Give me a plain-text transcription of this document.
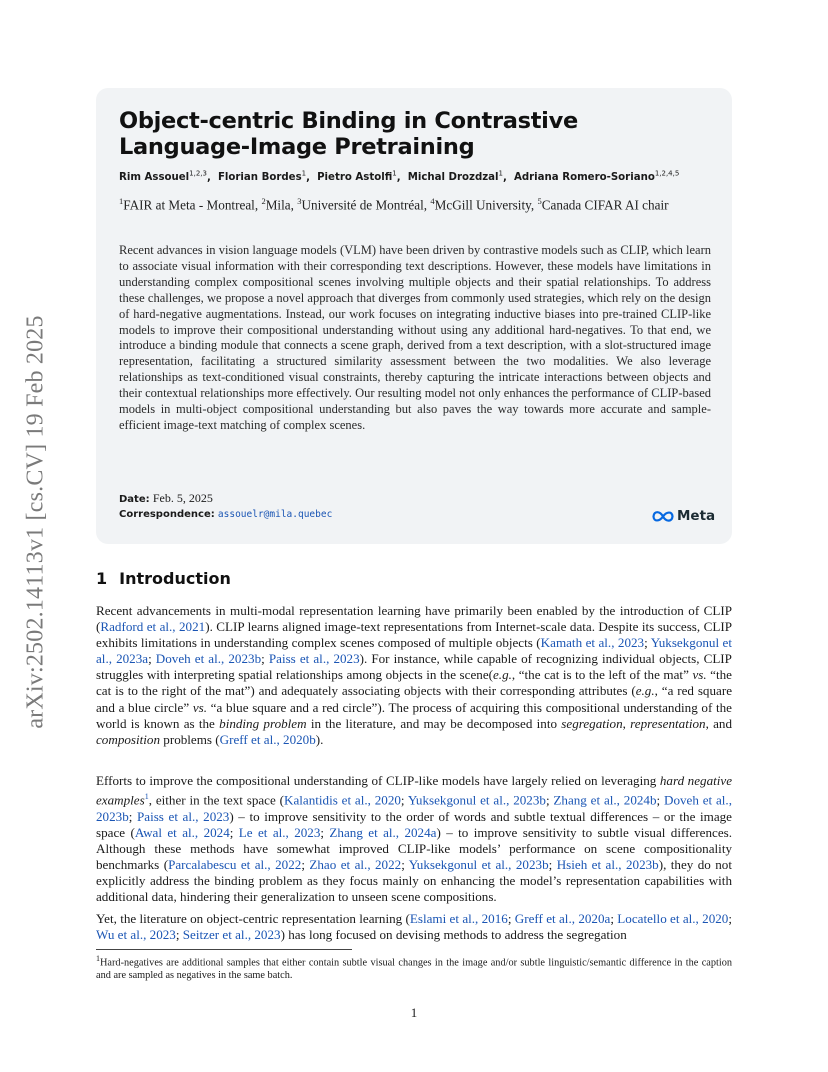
arXiv:2502.14113v1 [cs.CV] 19 Feb 2025
Object-centric Binding in Contrastive Language-Image Pretraining
Rim Assouel$^{1,2,3}$,  Florian Bordes$^1$,  Pietro Astolfi$^1$,  Michal Drozdzal$^1$,  Adriana Romero-Soriano$^{1,2,4,5}$
$^1$FAIR at Meta - Montreal, $^2$Mila, $^3$Université de Montréal, $^4$McGill University, $^5$Canada CIFAR AI chair
Recent advances in vision language models (VLM) have been driven by contrastive models such as CLIP, which learn to associate visual information with their corresponding text descriptions. However, these models have limitations in understanding complex compositional scenes involving multiple objects and their spatial relationships. To address these challenges, we propose a novel approach that diverges from commonly used strategies, which rely on the design of hard-negative augmentations. Instead, our work focuses on integrating inductive biases into pre-trained CLIP-like models to improve their compositional understanding without using any additional hard-negatives. To that end, we introduce a binding module that connects a scene graph, derived from a text description, with a slot-structured image representation, facilitating a structured similarity assessment between the two modalities. We also leverage relationships as text-conditioned visual constraints, thereby capturing the intricate interactions between objects and their contextual relationships more effectively. Our resulting model not only enhances the performance of CLIP-based models in multi-object compositional understanding but also paves the way towards more accurate and sample-efficient image-text matching of complex scenes.
Date: Feb. 5, 2025
Correspondence: assouelr@mila.quebec	Meta
1 Introduction

Recent advancements in multi-modal representation learning have primarily been enabled by the introduction of CLIP (Radford et al., 2021). CLIP learns aligned image-text representations from Internet-scale data. Despite its success, CLIP exhibits limitations in understanding complex scenes composed of multiple objects (Kamath et al., 2023; Yuksekgonul et al., 2023a; Doveh et al., 2023b; Paiss et al., 2023). For instance, while capable of recognizing individual objects, CLIP struggles with interpreting spatial relationships among objects in the scene(e.g., “the cat is to the left of the mat” vs. “the cat is to the right of the mat”) and adequately associating objects with their corresponding attributes (e.g., “a red square and a blue circle” vs. “a blue square and a red circle”). The process of acquiring this compositional understanding of the world is known as the binding problem in the literature, and may be decomposed into segregation, representation, and composition problems (Greff et al., 2020b).

Efforts to improve the compositional understanding of CLIP-like models have largely relied on leveraging hard negative examples$^1$, either in the text space (Kalantidis et al., 2020; Yuksekgonul et al., 2023b; Zhang et al., 2024b; Doveh et al., 2023b; Paiss et al., 2023) – to improve sensitivity to the order of words and subtle textual differences – or the image space (Awal et al., 2024; Le et al., 2023; Zhang et al., 2024a) – to improve sensitivity to subtle visual differences. Although these methods have somewhat improved CLIP-like models’ performance on scene compositionality benchmarks (Parcalabescu et al., 2022; Zhao et al., 2022; Yuksekgonul et al., 2023b; Hsieh et al., 2023b), they do not explicitly address the binding problem as they focus mainly on enhancing the model’s representation capabilities with additional data, hindering their generalization to unseen scene compositions.

Yet, the literature on object-centric representation learning (Eslami et al., 2016; Greff et al., 2020a; Locatello et al., 2020; Wu et al., 2023; Seitzer et al., 2023) has long focused on devising methods to address the segregation

$^1$Hard-negatives are additional samples that either contain subtle visual changes in the image and/or subtle linguistic/semantic difference in the caption and are sampled as negatives in the same batch.
1
